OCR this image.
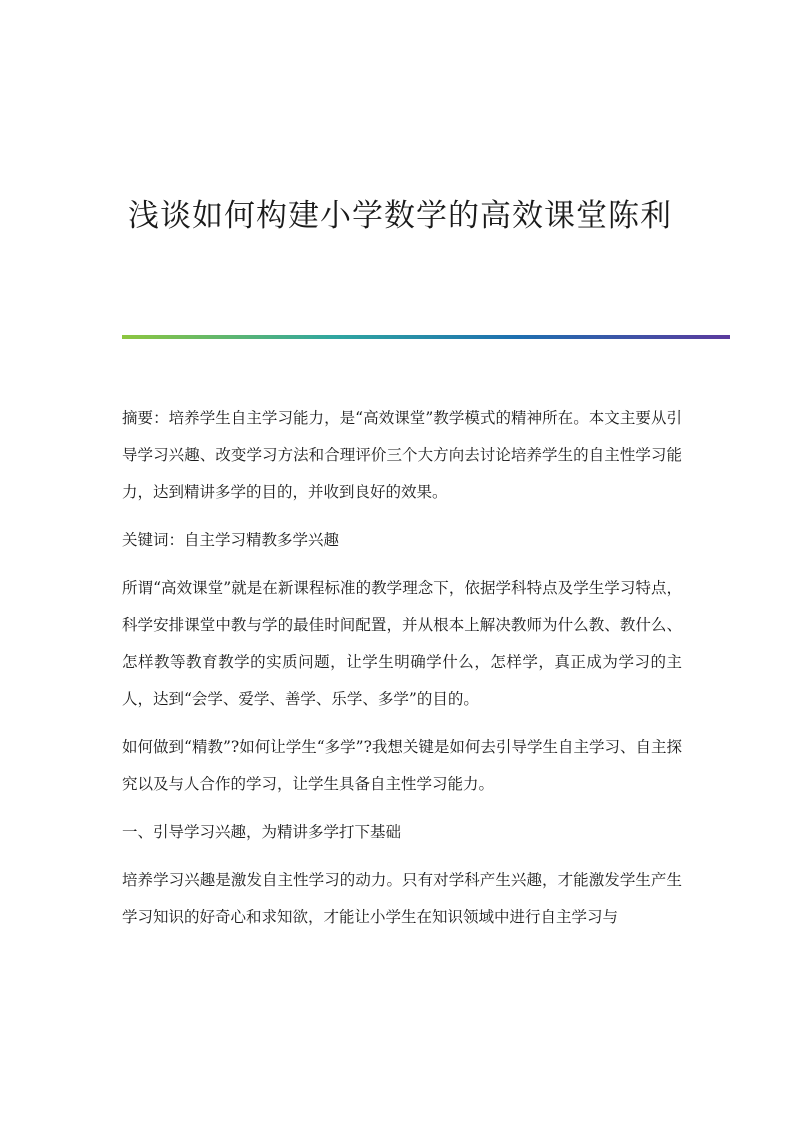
浅谈如何构建小学数学的高效课堂陈利

摘要：培养学生自主学习能力，是“高效课堂”教学模式的精神所在。本文主要从引导学习兴趣、改变学习方法和合理评价三个大方向去讨论培养学生的自主性学习能力，达到精讲多学的目的，并收到良好的效果。

关键词：自主学习精教多学兴趣

所谓“高效课堂”就是在新课程标准的教学理念下，依据学科特点及学生学习特点，科学安排课堂中教与学的最佳时间配置，并从根本上解决教师为什么教、教什么、怎样教等教育教学的实质问题，让学生明确学什么，怎样学，真正成为学习的主人，达到“会学、爱学、善学、乐学、多学”的目的。

如何做到“精教”?如何让学生“多学”?我想关键是如何去引导学生自主学习、自主探究以及与人合作的学习，让学生具备自主性学习能力。

一、引导学习兴趣，为精讲多学打下基础

培养学习兴趣是激发自主性学习的动力。只有对学科产生兴趣，才能激发学生产生学习知识的好奇心和求知欲，才能让小学生在知识领域中进行自主学习与
